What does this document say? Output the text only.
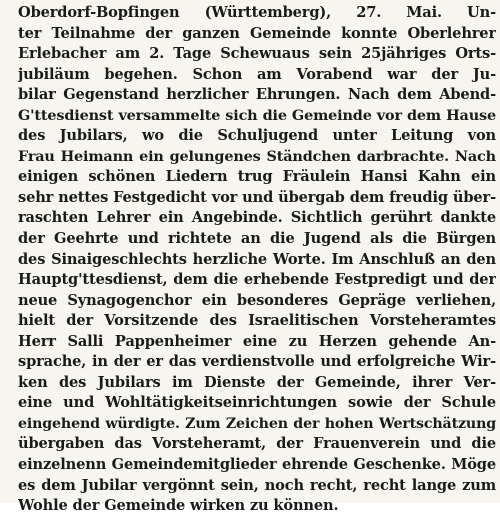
Oberdorf-Bopfingen (Württemberg), 27. Mai. Un-
ter Teilnahme der ganzen Gemeinde konnte Oberlehrer
Erlebacher am 2. Tage Schewuaus sein 25jähriges Orts-
jubiläum begehen. Schon am Vorabend war der Ju-
bilar Gegenstand herzlicher Ehrungen. Nach dem Abend-
G'ttesdienst versammelte sich die Gemeinde vor dem Hause
des Jubilars, wo die Schuljugend unter Leitung von
Frau Heimann ein gelungenes Ständchen darbrachte. Nach
einigen schönen Liedern trug Fräulein Hansi Kahn ein
sehr nettes Festgedicht vor und übergab dem freudig über-
raschten Lehrer ein Angebinde. Sichtlich gerührt dankte
der Geehrte und richtete an die Jugend als die Bürgen
des Sinaigeschlechts herzliche Worte. Im Anschluß an den
Hauptg'ttesdienst, dem die erhebende Festpredigt und der
neue Synagogenchor ein besonderes Gepräge verliehen,
hielt der Vorsitzende des Israelitischen Vorsteheramtes
Herr Salli Pappenheimer eine zu Herzen gehende An-
sprache, in der er das verdienstvolle und erfolgreiche Wir-
ken des Jubilars im Dienste der Gemeinde, ihrer Ver-
eine und Wohltätigkeitseinrichtungen sowie der Schule
eingehend würdigte. Zum Zeichen der hohen Wertschätzung
übergaben das Vorsteheramt, der Frauenverein und die
einzelnenn Gemeindemitglieder ehrende Geschenke. Möge
es dem Jubilar vergönnt sein, noch recht, recht lange zum
Wohle der Gemeinde wirken zu können.
